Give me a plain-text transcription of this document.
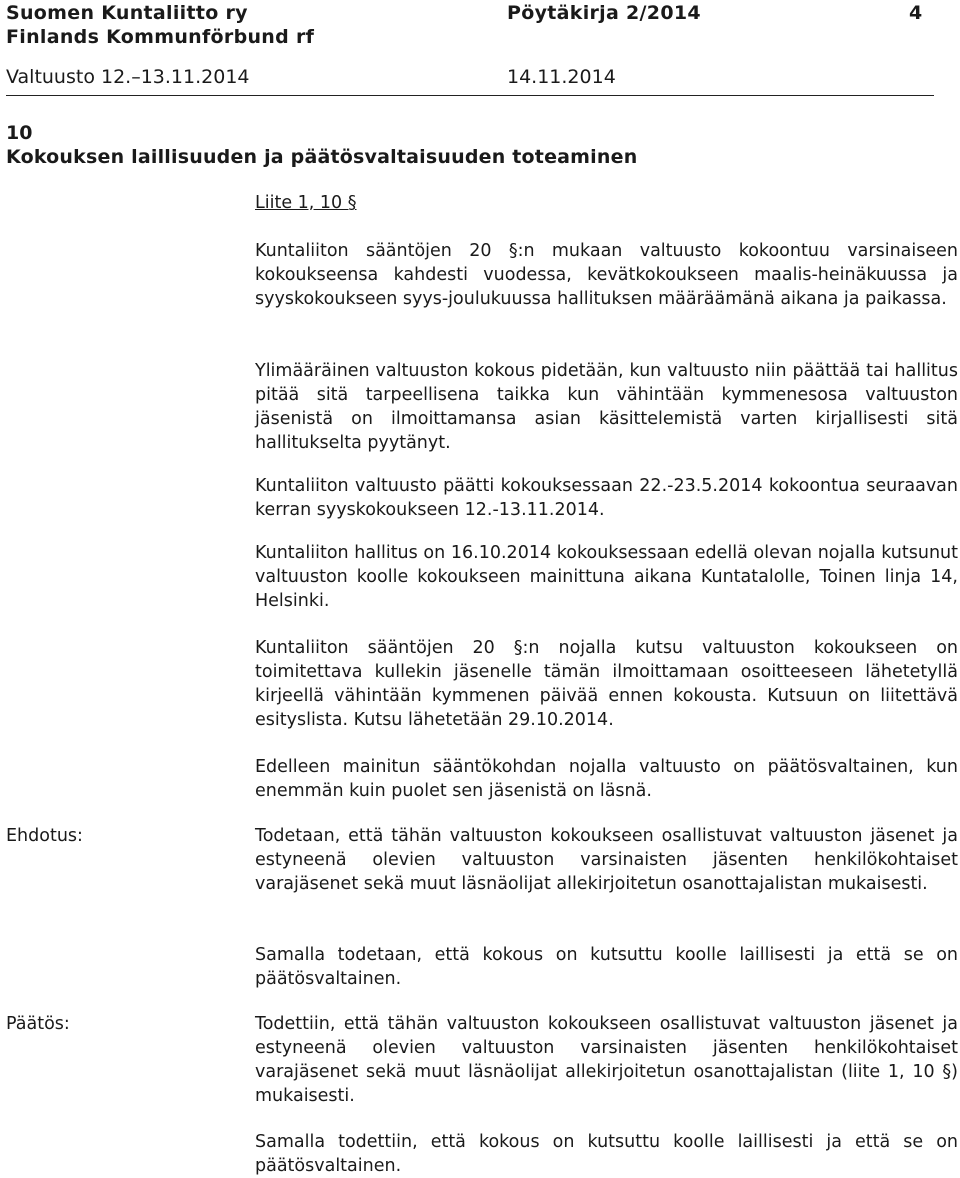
Suomen Kuntaliitto ry	Pöytäkirja 2/2014	4
Finlands Kommunförbund rf
Valtuusto 12.–13.11.2014	14.11.2014
10
Kokouksen laillisuuden ja päätösvaltaisuuden toteaminen
Liite 1, 10 §

Kuntaliiton sääntöjen 20 §:n mukaan valtuusto kokoontuu varsinaiseen kokoukseensa kahdesti vuodessa, kevätkokoukseen maalis-heinäkuussa ja syyskokoukseen syys-joulukuussa hallituksen määräämänä aikana ja paikassa.

Ylimääräinen valtuuston kokous pidetään, kun valtuusto niin päättää tai hallitus pitää sitä tarpeellisena taikka kun vähintään kymmenesosa valtuuston jäsenistä on ilmoittamansa asian käsittelemistä varten kirjallisesti sitä hallitukselta pyytänyt.

Kuntaliiton valtuusto päätti kokouksessaan 22.-23.5.2014 kokoontua seuraavan kerran syyskokoukseen 12.-13.11.2014.

Kuntaliiton hallitus on 16.10.2014 kokouksessaan edellä olevan nojalla kutsunut valtuuston koolle kokoukseen mainittuna aikana Kuntatalolle, Toinen linja 14, Helsinki.

Kuntaliiton sääntöjen 20 §:n nojalla kutsu valtuuston kokoukseen on toimitettava kullekin jäsenelle tämän ilmoittamaan osoitteeseen lähetetyllä kirjeellä vähintään kymmenen päivää ennen kokousta. Kutsuun on liitettävä esityslista. Kutsu lähetetään 29.10.2014.

Edelleen mainitun sääntökohdan nojalla valtuusto on päätösvaltainen, kun enemmän kuin puolet sen jäsenistä on läsnä.

Ehdotus:	Todetaan, että tähän valtuuston kokoukseen osallistuvat valtuuston jäsenet ja estyneenä olevien valtuuston varsinaisten jäsenten henkilökohtaiset varajäsenet sekä muut läsnäolijat allekirjoitetun osanottajalistan mukaisesti.

Samalla todetaan, että kokous on kutsuttu koolle laillisesti ja että se on päätösvaltainen.

Päätös:	Todettiin, että tähän valtuuston kokoukseen osallistuvat valtuuston jäsenet ja estyneenä olevien valtuuston varsinaisten jäsenten henkilökohtaiset varajäsenet sekä muut läsnäolijat allekirjoitetun osanottajalistan (liite 1, 10 §) mukaisesti.

Samalla todettiin, että kokous on kutsuttu koolle laillisesti ja että se on päätösvaltainen.
